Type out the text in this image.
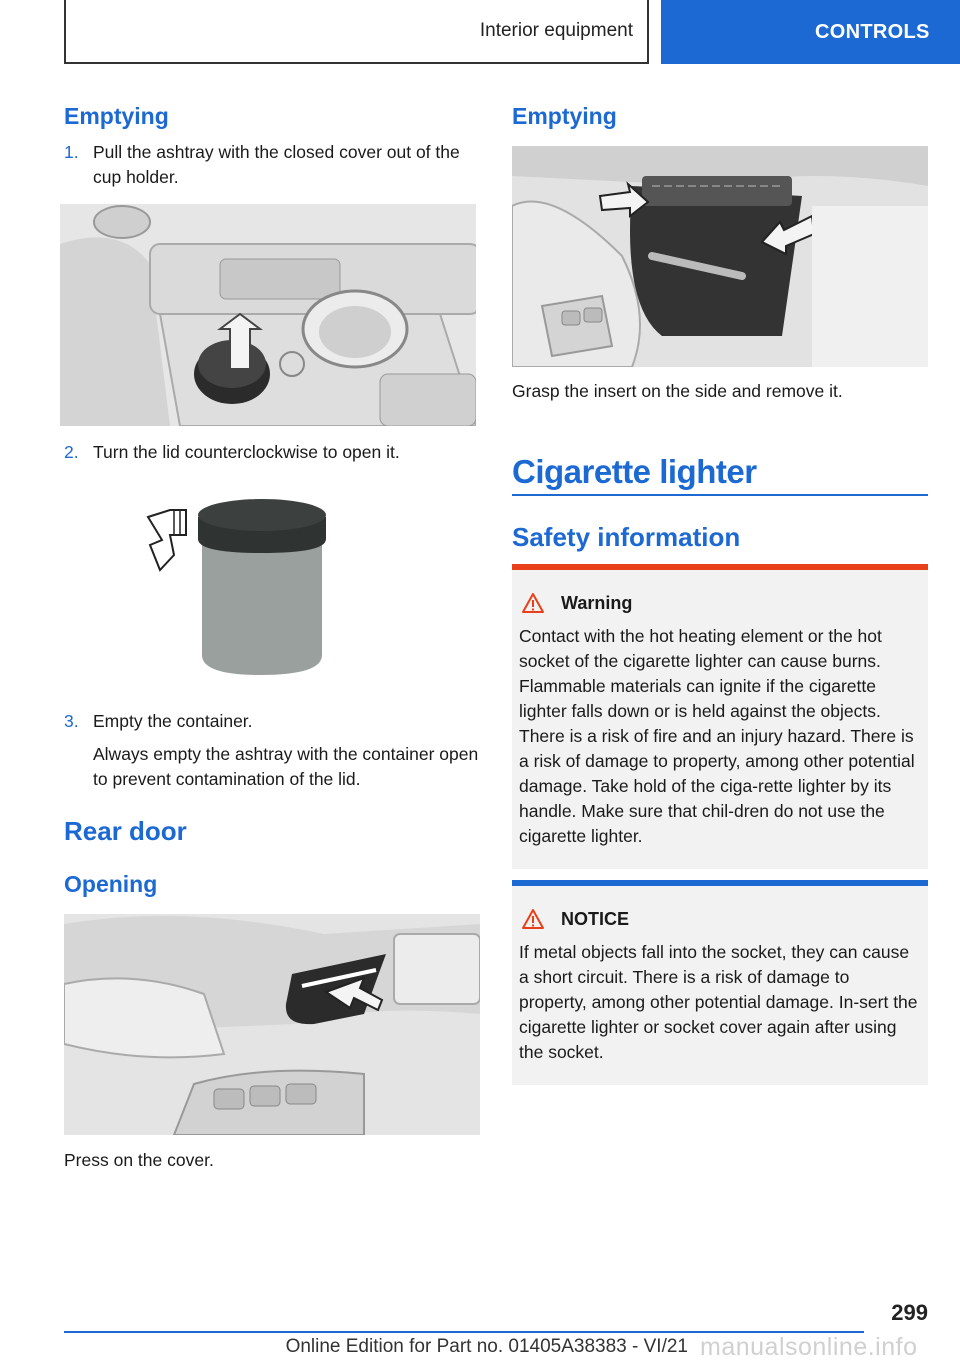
Interior equipment	CONTROLS
Emptying
1. Pull the ashtray with the closed cover out of the cup holder.
2. Turn the lid counterclockwise to open it.
3. Empty the container.
Always empty the ashtray with the container open to prevent contamination of the lid.
Rear door
Opening
Press on the cover.
Emptying
Grasp the insert on the side and remove it.
Cigarette lighter
Safety information
Warning
Contact with the hot heating element or the hot socket of the cigarette lighter can cause burns. Flammable materials can ignite if the cigarette lighter falls down or is held against the objects. There is a risk of fire and an injury hazard. There is a risk of damage to property, among other potential damage. Take hold of the ciga‐rette lighter by its handle. Make sure that chil‐dren do not use the cigarette lighter.
NOTICE
If metal objects fall into the socket, they can cause a short circuit. There is a risk of damage to property, among other potential damage. In‐sert the cigarette lighter or socket cover again after using the socket.
299
Online Edition for Part no. 01405A38383 - VI/21 manualsonline.info
